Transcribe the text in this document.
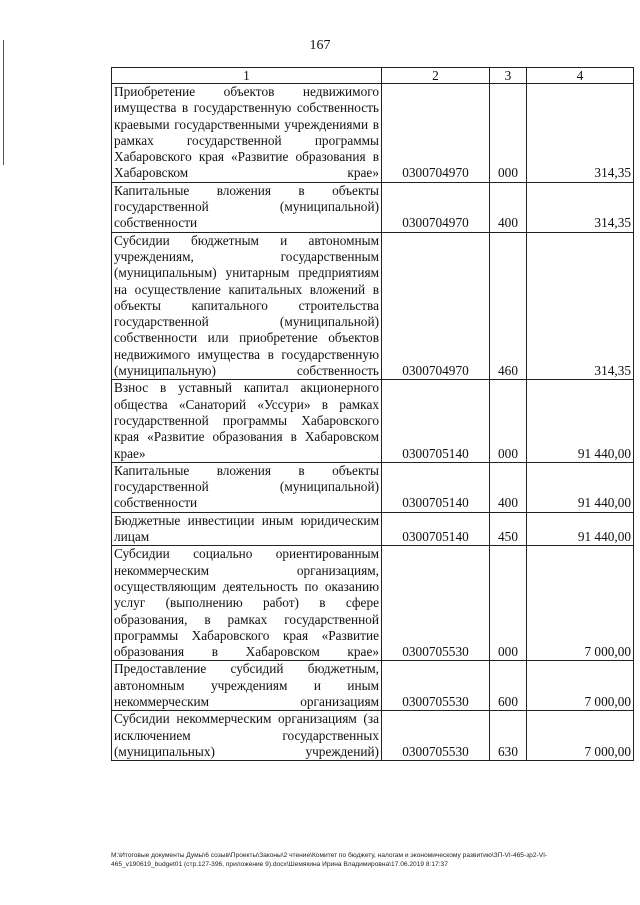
167
1	2	3	4
Приобретение объектов недвижимого имущества в государственную собственность краевыми государственными учреждениями в рамках государственной программы Хабаровского края «Развитие образования в Хабаровском крае»	0300704970	000	314,35
Капитальные вложения в объекты государственной (муниципальной) собственности	0300704970	400	314,35
Субсидии бюджетным и автономным учреждениям, государственным (муниципальным) унитарным предприятиям на осуществление капитальных вложений в объекты капитального строительства государственной (муниципальной) собственности или приобретение объектов недвижимого имущества в государственную (муниципальную) собственность	0300704970	460	314,35
Взнос в уставный капитал акционерного общества «Санаторий «Уссури» в рамках государственной программы Хабаровского края «Развитие образования в Хабаровском крае»	0300705140	000	91 440,00
Капитальные вложения в объекты государственной (муниципальной) собственности	0300705140	400	91 440,00
Бюджетные инвестиции иным юридическим лицам	0300705140	450	91 440,00
Субсидии социально ориентированным некоммерческим организациям, осуществляющим деятельность по оказанию услуг (выполнению работ) в сфере образования, в рамках государственной программы Хабаровского края «Развитие образования в Хабаровском крае»	0300705530	000	7 000,00
Предоставление субсидий бюджетным, автономным учреждениям и иным некоммерческим организациям	0300705530	600	7 000,00
Субсидии некоммерческим организациям (за исключением государственных (муниципальных) учреждений)	0300705530	630	7 000,00
M:\Итоговые документы Думы\6 созыв\Проекты\Законы\2 чтение\Комитет по бюджету, налогам и экономическому развитию\ЗП-VI-465-зр2-VI-465_v190619_budget01 (стр.127-396, приложение 9).docx\Шемякина Ирина Владимировна\17.06.2019 8:17:37
